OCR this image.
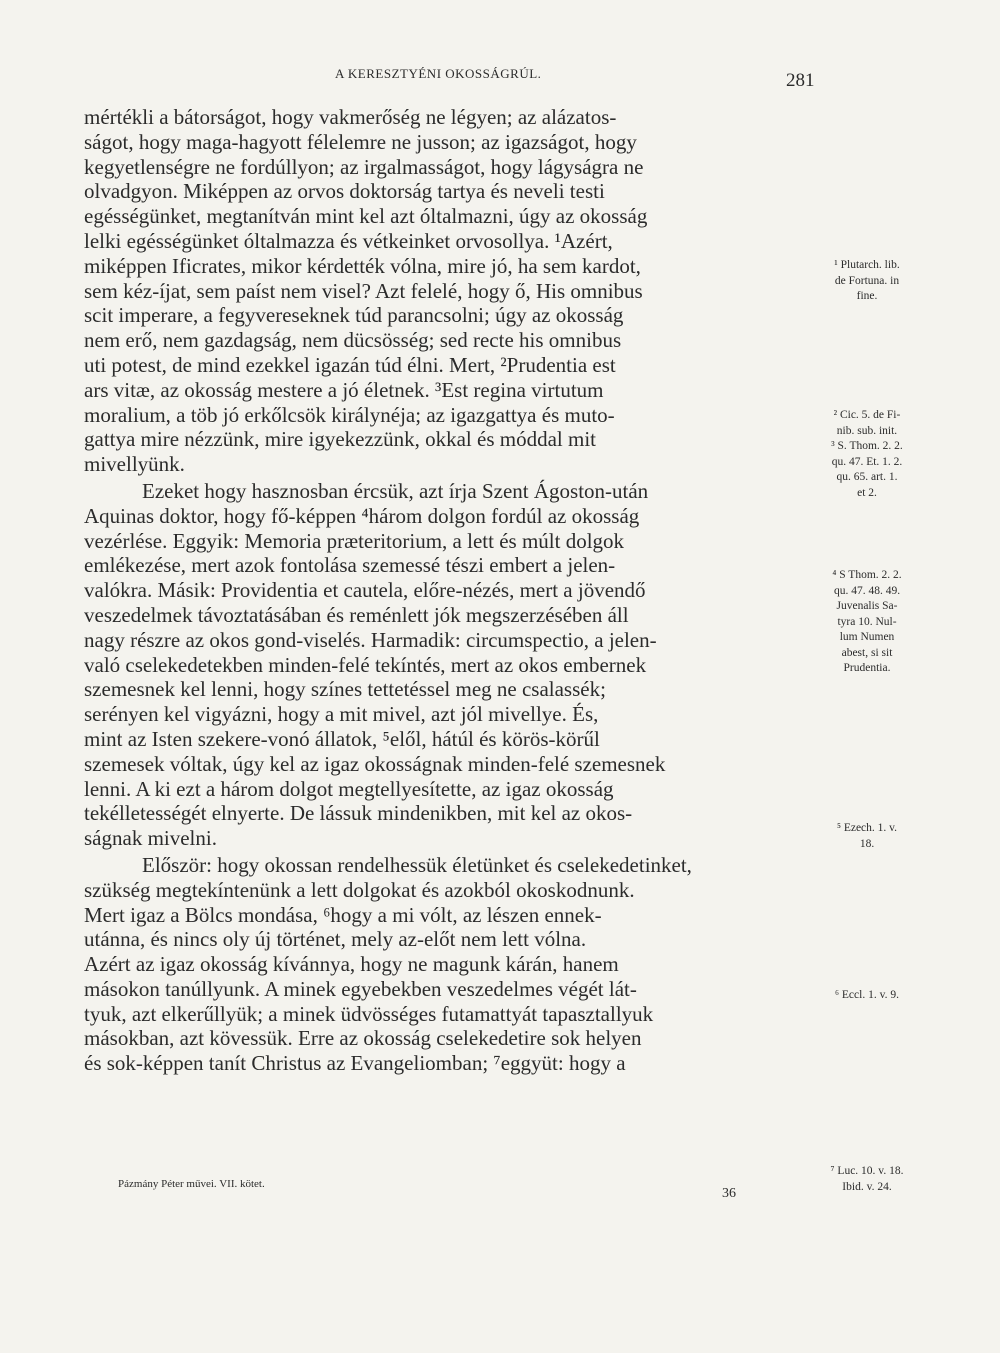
A KERESZTYÉNI OKOSSÁGRÚL.	281
mértékli a bátorságot, hogy vakmerőség ne légyen; az alázatos-
ságot, hogy maga-hagyott félelemre ne jusson; az igazságot, hogy
kegyetlenségre ne fordúllyon; az irgalmasságot, hogy lágyságra ne
olvadgyon. Miképpen az orvos doktorság tartya és neveli testi
egésségünket, megtanítván mint kel azt óltalmazni, úgy az okosság
lelki egésségünket óltalmazza és vétkeinket orvosollya. ¹Azért,
miképpen Ificrates, mikor kérdették vólna, mire jó, ha sem kardot,
sem kéz-íjat, sem paíst nem visel? Azt felelé, hogy ő, His omnibus
scit imperare, a fegyvereseknek túd parancsolni; úgy az okosság
nem erő, nem gazdagság, nem dücsösség; sed recte his omnibus
uti potest, de mind ezekkel igazán túd élni. Mert, ²Prudentia est
ars vitæ, az okosság mestere a jó életnek. ³Est regina virtutum
moralium, a töb jó erkőlcsök királynéja; az igazgattya és muto-
gattya mire nézzünk, mire igyekezzünk, okkal és móddal mit
mivellyünk.
Ezeket hogy hasznosban ércsük, azt írja Szent Ágoston-után
Aquinas doktor, hogy fő-képpen ⁴három dolgon fordúl az okosság
vezérlése. Eggyik: Memoria præteritorium, a lett és múlt dolgok
emlékezése, mert azok fontolása szemessé tészi embert a jelen-
valókra. Másik: Providentia et cautela, előre-nézés, mert a jövendő
veszedelmek távoztatásában és reménlett jók megszerzésében áll
nagy részre az okos gond-viselés. Harmadik: circumspectio, a jelen-
való cselekedetekben minden-felé tekíntés, mert az okos embernek
szemesnek kel lenni, hogy színes tettetéssel meg ne csalassék;
serényen kel vigyázni, hogy a mit mivel, azt jól mivellye. És,
mint az Isten szekere-vonó állatok, ⁵elől, hátúl és körös-körűl
szemesek vóltak, úgy kel az igaz okosságnak minden-felé szemesnek
lenni. A ki ezt a három dolgot megtellyesítette, az igaz okosság
tekélletességét elnyerte. De lássuk mindenikben, mit kel az okos-
ságnak mivelni.
Először: hogy okossan rendelhessük életünket és cselekedetinket,
szükség megtekíntenünk a lett dolgokat és azokból okoskodnunk.
Mert igaz a Bölcs mondása, ⁶hogy a mi vólt, az lészen ennek-
utánna, és nincs oly új történet, mely az-előt nem lett vólna.
Azért az igaz okosság kívánnya, hogy ne magunk kárán, hanem
másokon tanúllyunk. A minek egyebekben veszedelmes végét lát-
tyuk, azt elkerűllyük; a minek üdvösséges futamattyát tapasztallyuk
másokban, azt kövessük. Erre az okosság cselekedetire sok helyen
és sok-képpen tanít Christus az Evangeliomban; ⁷eggyüt: hogy a
¹ Plutarch. lib.
de Fortuna. in
fine.
² Cic. 5. de Fi-
nib. sub. init.
³ S. Thom. 2. 2.
qu. 47. Et. 1. 2.
qu. 65. art. 1.
et 2.
⁴ S Thom. 2. 2.
qu. 47. 48. 49.
Juvenalis Sa-
tyra 10. Nul-
lum Numen
abest, si sit
Prudentia.
⁵ Ezech. 1. v.
18.
⁶ Eccl. 1. v. 9.
⁷ Luc. 10. v. 18.
Ibid. v. 24.
Pázmány Péter művei. VII. kötet.
36
